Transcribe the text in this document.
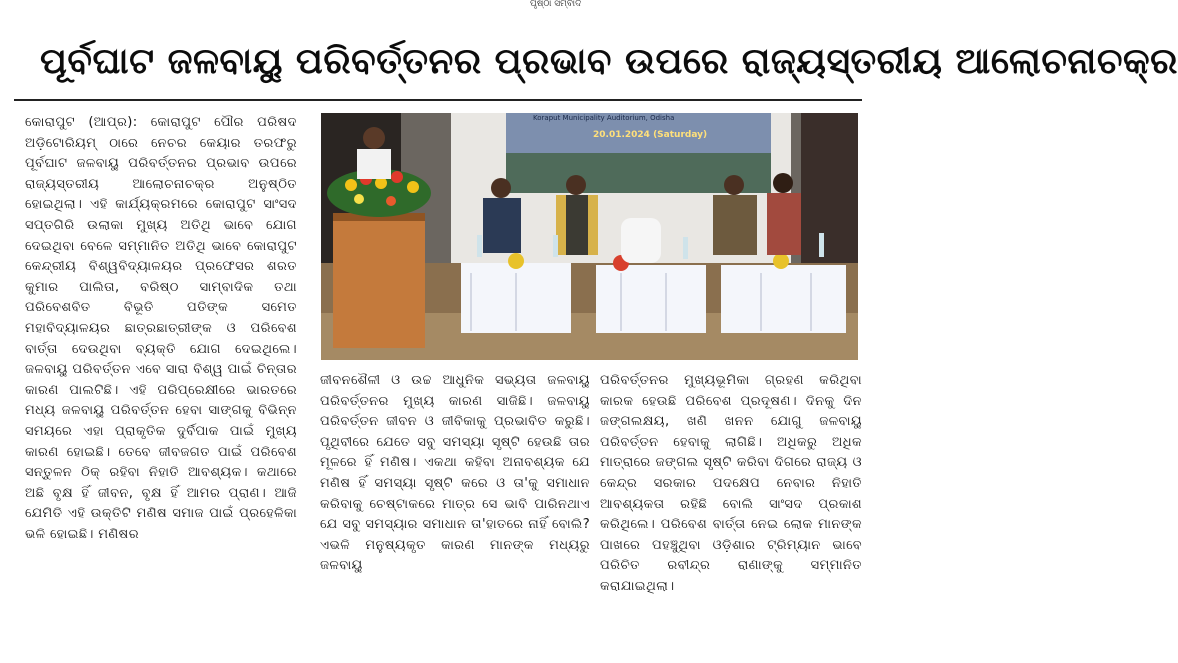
ପୃଷ୍ଠା ସମ୍ବାଦ
ପୂର୍ବଘାଟ ଜଳବାୟୁ ପରିବର୍ତ୍ତନର ପ୍ରଭାବ ଉପରେ ରାଜ୍ୟସ୍ତରୀୟ ଆଲୋଚନାଚକ୍ର
କୋରାପୁଟ (ଆପ୍ର): କୋରାପୁଟ ପୌର ପରିଷଦ ଅଡ଼ିଟୋରିୟମ୍ ଠାରେ ନେଚର କେୟାର ତରଫରୁ ପୂର୍ବଘାଟ ଜଳବାୟୁ ପରିବର୍ତ୍ତନର ପ୍ରଭାବ ଉପରେ ରାଜ୍ୟସ୍ତରୀୟ ଆଲୋଚନାଚକ୍ର ଅନୁଷ୍ଠିତ ହୋଇଥିଲା। ଏହି କାର୍ଯ୍ୟକ୍ରମରେ କୋରାପୁଟ ସାଂସଦ ସପ୍ତଗିରି ଉଲାକା ମୁଖ୍ୟ ଅତିଥି ଭାବେ ଯୋଗ ଦେଇଥିବା ବେଳେ ସମ୍ମାନିତ ଅତିଥି ଭାବେ କୋରାପୁଟ କେନ୍ଦ୍ରୀୟ ବିଶ୍ୱବିଦ୍ୟାଳୟର ପ୍ରଫେସର ଶରତ କୁମାର ପାଲିତା, ବରିଷ୍ଠ ସାମ୍ବାଦିକ ତଥା ପରିବେଶବିତ ବିଭୂତି ପତିଙ୍କ ସମେତ ମହାବିଦ୍ୟାଳୟର ଛାତ୍ରଛାତ୍ରୀଙ୍କ ଓ ପରିବେଶ ବାର୍ତ୍ତା ଦେଉଥିବା ବ୍ୟକ୍ତି ଯୋଗ ଦେଇଥିଲେ। ଜଳବାୟୁ ପରିବର୍ତ୍ତନ ଏବେ ସାରା ବିଶ୍ୱ ପାଇଁ ଚିନ୍ତାର କାରଣ ପାଲଟିଛି। ଏହି ପରିପ୍ରେକ୍ଷୀରେ ଭାରତରେ ମଧ୍ୟ ଜଳବାୟୁ ପରିବର୍ତ୍ତନ ହେବା ସାଙ୍ଗକୁ ବିଭିନ୍ନ ସମୟରେ ଏହା ପ୍ରାକୃତିକ ଦୁର୍ବିପାକ ପାଇଁ ମୁଖ୍ୟ କାରଣ ହୋଇଛି। ତେବେ ଜୀବଜଗତ ପାଇଁ ପରିବେଶ ସନ୍ତୁଳନ ଠିକ୍ ରହିବା ନିହାତି ଆବଶ୍ୟକ। କଥାରେ ଅଛି ବୃକ୍ଷ ହିଁ ଜୀବନ, ବୃକ୍ଷ ହିଁ ଆମର ପ୍ରାଣ। ଆଜି ଯେମିତି ଏହି ଉକ୍ତିଟି ମଣିଷ ସମାଜ ପାଇଁ ପ୍ରହେଳିକା ଭଳି ହୋଇଛି। ମଣିଷର
Koraput Municipality Auditorium, Odisha
20.01.2024 (Saturday)
ଜୀବନଶୈଳୀ ଓ ଉଚ୍ଚ ଆଧୁନିକ ସଭ୍ୟତା ଜଳବାୟୁ ପରିବର୍ତ୍ତନର ମୁଖ୍ୟ କାରଣ ସାଜିଛି। ଜଳବାୟୁ ପରିବର୍ତ୍ତନ ଜୀବନ ଓ ଜୀବିକାକୁ ପ୍ରଭାବିତ କରୁଛି। ପୃଥିବୀରେ ଯେତେ ସବୁ ସମସ୍ୟା ସୃଷ୍ଟି ହେଉଛି ତାର ମୂଳରେ ହିଁ ମଣିଷ। ଏକଥା କହିବା ଅନାବଶ୍ୟକ ଯେ ମଣିଷ ହିଁ ସମସ୍ୟା ସୃଷ୍ଟି କରେ ଓ ତା'କୁ ସମାଧାନ କରିବାକୁ ଚେଷ୍ଟାକରେ ମାତ୍ର ସେ ଭାବି ପାରିନଥାଏ ଯେ ସବୁ ସମସ୍ୟାର ସମାଧାନ ତା'ହାତରେ ନାହିଁ ବୋଲି? ଏଭଳି ମନୁଷ୍ୟକୃତ କାରଣ ମାନଙ୍କ ମଧ୍ୟରୁ ଜଳବାୟୁ
ପରିବର୍ତ୍ତନର ମୁଖ୍ୟଭୂମିକା ଗ୍ରହଣ କରିଥିବା କାରକ ହେଉଛି ପରିବେଶ ପ୍ରଦୂଷଣ। ଦିନକୁ ଦିନ ଜଙ୍ଗଲକ୍ଷୟ, ଖଣି ଖନନ ଯୋଗୁ ଜଳବାୟୁ ପରିବର୍ତ୍ତନ ହେବାକୁ ଲାଗିଛି। ଅଧିକରୁ ଅଧିକ ମାତ୍ରାରେ ଜଙ୍ଗଲ ସୃଷ୍ଟି କରିବା ଦିଗରେ ରାଜ୍ୟ ଓ କେନ୍ଦ୍ର ସରକାର ପଦକ୍ଷେପ ନେବାର ନିହାତି ଆବଶ୍ୟକତା ରହିଛି ବୋଲି ସାଂସଦ ପ୍ରକାଶ କରିଥିଲେ। ପରିବେଶ ବାର୍ତ୍ତା ନେଇ ଲୋକ ମାନଙ୍କ ପାଖରେ ପହଞ୍ଚୁଥିବା ଓଡ଼ିଶାର ଟ୍ରିମ୍ୟାନ ଭାବେ ପରିଚିତ ରବୀନ୍ଦ୍ର ରାଣାଙ୍କୁ ସମ୍ମାନିତ କରାଯାଇଥିଲା।
